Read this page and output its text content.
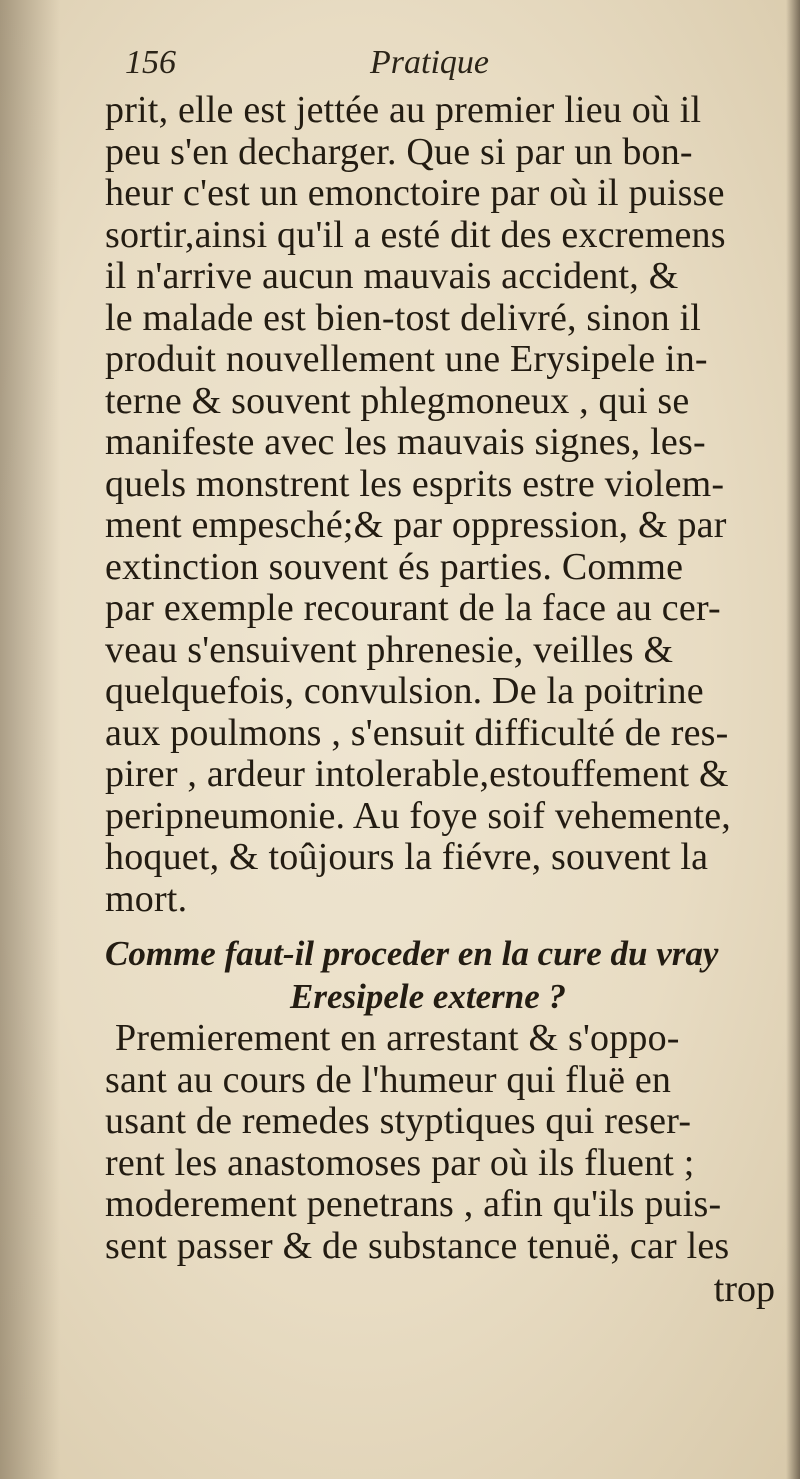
156	Pratique
prit, elle est jettée au premier lieu où il
peu s'en decharger. Que si par un bon-
heur c'est un emonctoire par où il puisse
sortir,ainsi qu'il a esté dit des excremens
il n'arrive aucun mauvais accident, &
le malade est bien-tost delivré, sinon il
produit nouvellement une Erysipele in-
terne & souvent phlegmoneux , qui se
manifeste avec les mauvais signes, les-
quels monstrent les esprits estre violem-
ment empesché;& par oppression, & par
extinction souvent és parties. Comme
par exemple recourant de la face au cer-
veau s'ensuivent phrenesie, veilles &
quelquefois, convulsion. De la poitrine
aux poulmons , s'ensuit difficulté de res-
pirer , ardeur intolerable,estouffement &
peripneumonie. Au foye soif vehemente,
hoquet, & toûjours la fiévre, souvent la
mort.
Comme faut-il proceder en la cure du vray
Eresipele externe ?
Premierement en arrestant & s'oppo-
sant au cours de l'humeur qui fluë en
usant de remedes styptiques qui reser-
rent les anastomoses par où ils fluent ;
moderement penetrans , afin qu'ils puis-
sent passer & de substance tenuë, car les
trop
